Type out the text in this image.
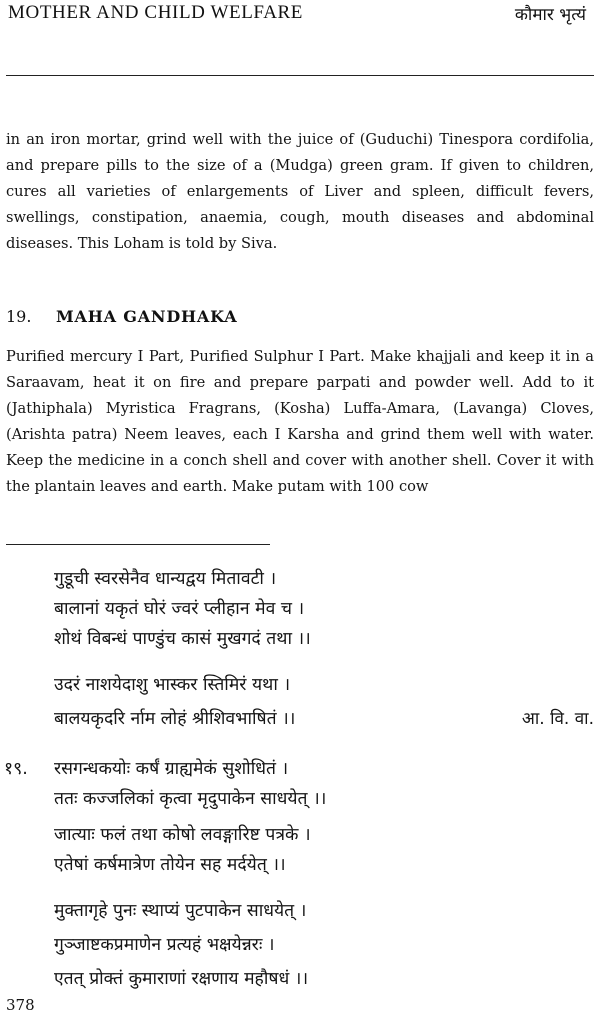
MOTHER AND CHILD WELFARE	कौमार भृत्यं

in an iron mortar, grind well with the juice of (Guduchi) Tinespora cordifolia, and prepare pills to the size of a (Mudga) green gram. If given to children, cures all varieties of enlargements of Liver and spleen, difficult fevers, swellings, constipation, anaemia, cough, mouth diseases and abdominal diseases. This Loham is told by Siva.

19. MAHA GANDHAKA

Purified mercury I Part, Purified Sulphur I Part. Make khajjali and keep it in a Saraavam, heat it on fire and prepare parpati and powder well. Add to it (Jathiphala) Myristica Fragrans, (Kosha) Luffa-Amara, (Lavanga) Cloves, (Arishta patra) Neem leaves, each I Karsha and grind them well with water. Keep the medicine in a conch shell and cover with another shell. Cover it with the plantain leaves and earth. Make putam with 100 cow

गुडूची स्वरसेनैव धान्यद्वय मितावटी ।
बालानां यकृतं घोरं ज्वरं प्लीहान मेव च ।
शोथं विबन्धं पाण्डुंच कासं मुखगदं तथा ।।
उदरं नाशयेदाशु भास्कर स्तिमिरं यथा ।
बालयकृदरि र्नाम लोहं श्रीशिवभाषितं ।।	आ. वि. वा.
१९. रसगन्धकयोः कर्षं ग्राह्यमेकं सुशोधितं ।
ततः कज्जलिकां कृत्वा मृदुपाकेन साधयेत् ।।
जात्याः फलं तथा कोषो लवङ्गारिष्ट पत्रके ।
एतेषां कर्षमात्रेण तोयेन सह मर्दयेत् ।।
मुक्तागृहे पुनः स्थाप्यं पुटपाकेन साधयेत् ।
गुञ्जाष्टकप्रमाणेन प्रत्यहं भक्षयेन्नरः ।
एतत् प्रोक्तं कुमाराणां रक्षणाय महौषधं ।।
378
